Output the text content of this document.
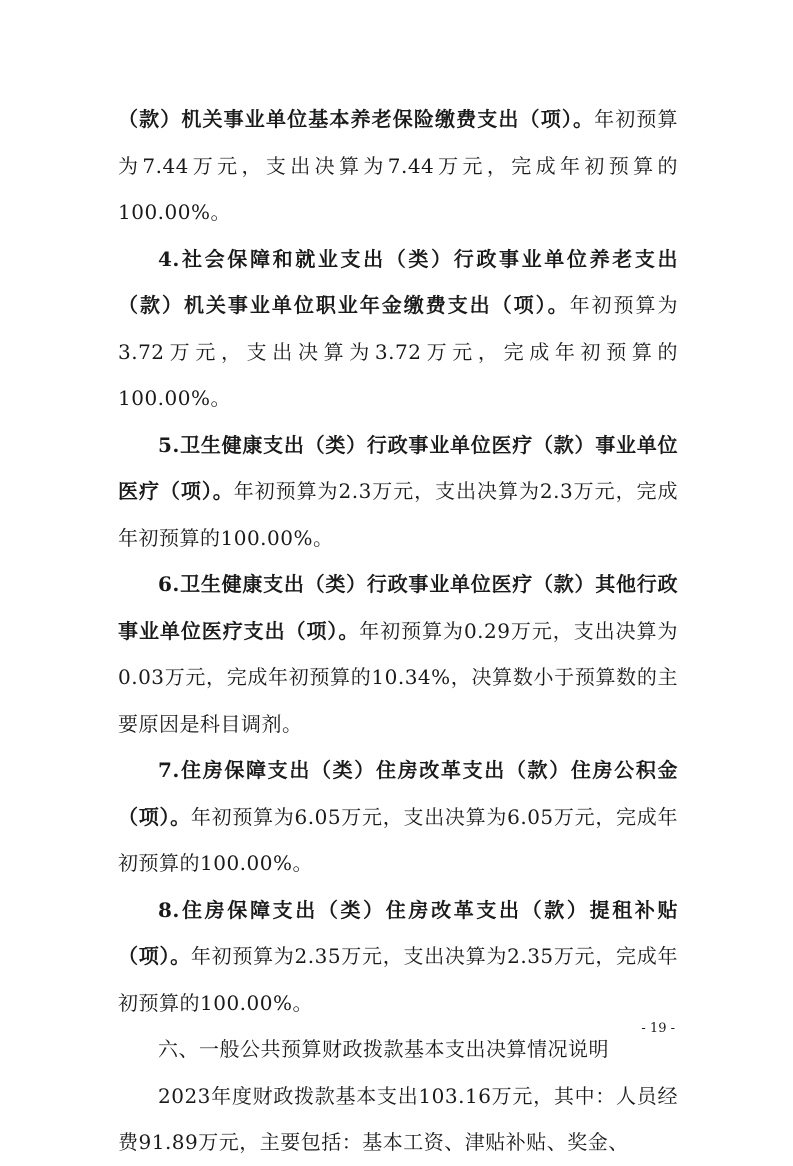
（款）机关事业单位基本养老保险缴费支出（项）。年初预算为7.44万元，支出决算为7.44万元，完成年初预算的100.00%。

4.社会保障和就业支出（类）行政事业单位养老支出（款）机关事业单位职业年金缴费支出（项）。年初预算为3.72万元，支出决算为3.72万元，完成年初预算的100.00%。

5.卫生健康支出（类）行政事业单位医疗（款）事业单位医疗（项）。年初预算为2.3万元，支出决算为2.3万元，完成年初预算的100.00%。

6.卫生健康支出（类）行政事业单位医疗（款）其他行政事业单位医疗支出（项）。年初预算为0.29万元，支出决算为0.03万元，完成年初预算的10.34%，决算数小于预算数的主要原因是科目调剂。

7.住房保障支出（类）住房改革支出（款）住房公积金（项）。年初预算为6.05万元，支出决算为6.05万元，完成年初预算的100.00%。

8.住房保障支出（类）住房改革支出（款）提租补贴（项）。年初预算为2.35万元，支出决算为2.35万元，完成年初预算的100.00%。

六、一般公共预算财政拨款基本支出决算情况说明

2023年度财政拨款基本支出103.16万元，其中：人员经费91.89万元，主要包括：基本工资、津贴补贴、奖金、

- 19 -
